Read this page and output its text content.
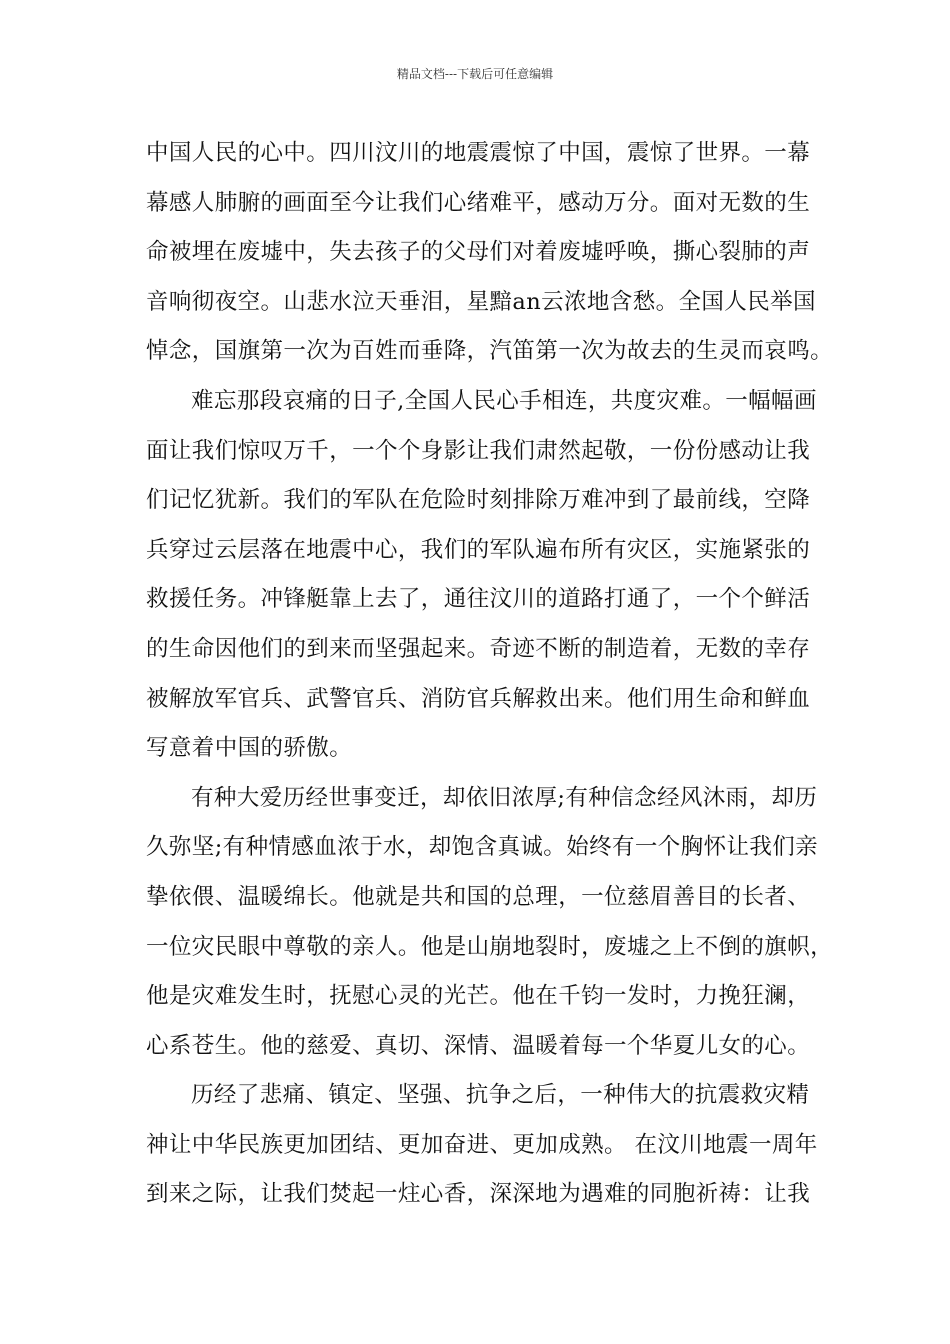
精品文档---下载后可任意编辑
中国人民的心中。四川汶川的地震震惊了中国，震惊了世界。一幕
幕感人肺腑的画面至今让我们心绪难平，感动万分。面对无数的生
命被埋在废墟中，失去孩子的父母们对着废墟呼唤，撕心裂肺的声
音响彻夜空。山悲水泣天垂泪，星黯an云浓地含愁。全国人民举国
悼念，国旗第一次为百姓而垂降，汽笛第一次为故去的生灵而哀鸣。
难忘那段哀痛的日子,全国人民心手相连，共度灾难。一幅幅画
面让我们惊叹万千，一个个身影让我们肃然起敬，一份份感动让我
们记忆犹新。我们的军队在危险时刻排除万难冲到了最前线，空降
兵穿过云层落在地震中心，我们的军队遍布所有灾区，实施紧张的
救援任务。冲锋艇靠上去了，通往汶川的道路打通了，一个个鲜活
的生命因他们的到来而坚强起来。奇迹不断的制造着，无数的幸存
被解放军官兵、武警官兵、消防官兵解救出来。他们用生命和鲜血
写意着中国的骄傲。
有种大爱历经世事变迁，却依旧浓厚;有种信念经风沐雨，却历
久弥坚;有种情感血浓于水，却饱含真诚。始终有一个胸怀让我们亲
挚依偎、温暖绵长。他就是共和国的总理，一位慈眉善目的长者、
一位灾民眼中尊敬的亲人。他是山崩地裂时，废墟之上不倒的旗帜，
他是灾难发生时，抚慰心灵的光芒。他在千钧一发时，力挽狂澜，
心系苍生。他的慈爱、真切、深情、温暖着每一个华夏儿女的心。
历经了悲痛、镇定、坚强、抗争之后，一种伟大的抗震救灾精
神让中华民族更加团结、更加奋进、更加成熟。 在汶川地震一周年
到来之际，让我们焚起一炷心香，深深地为遇难的同胞祈祷：让我
